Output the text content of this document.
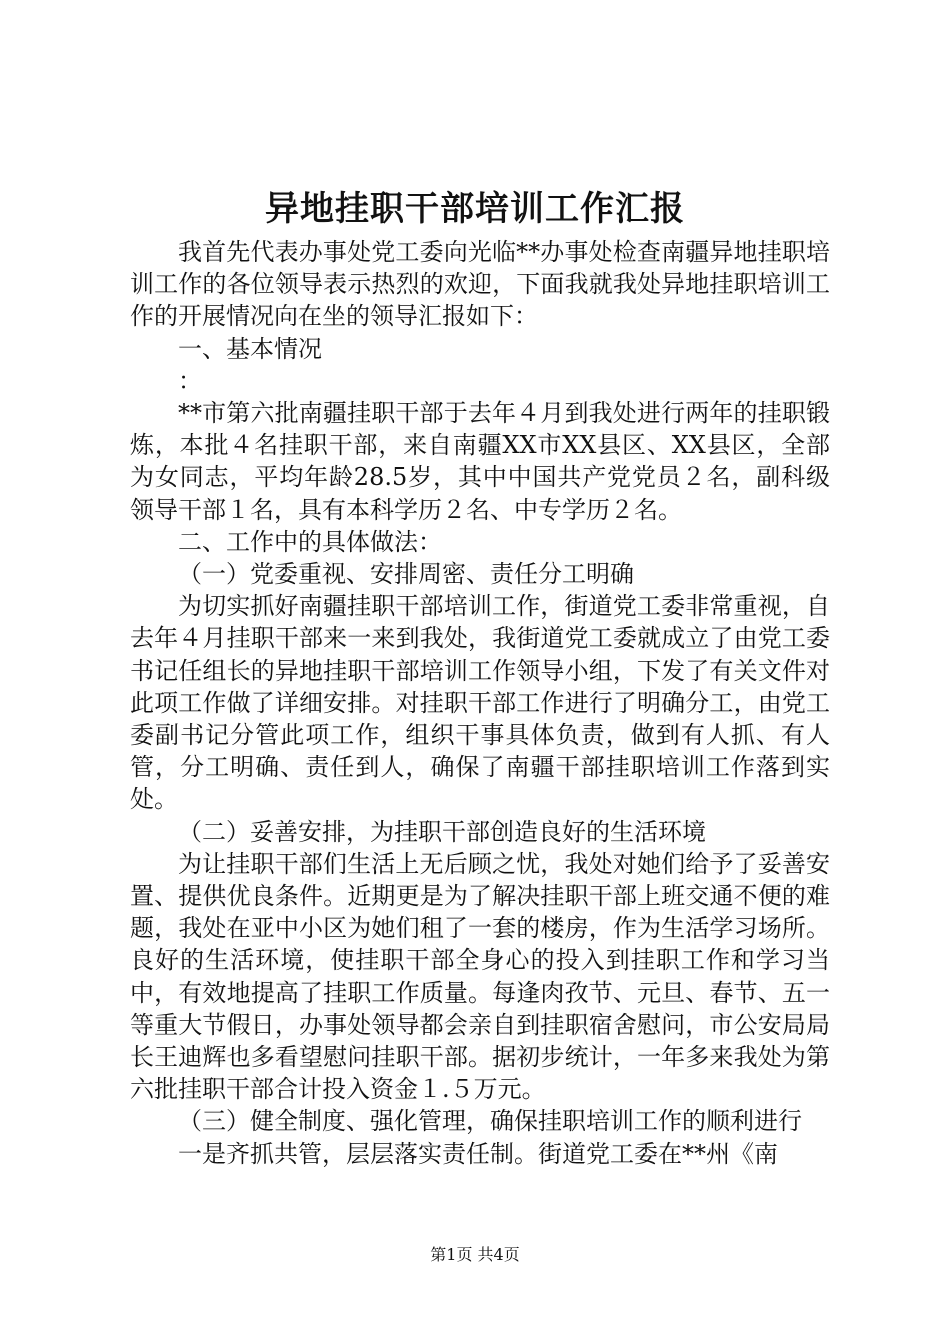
异地挂职干部培训工作汇报

我首先代表办事处党工委向光临**办事处检查南疆异地挂职培训工作的各位领导表示热烈的欢迎，下面我就我处异地挂职培训工作的开展情况向在坐的领导汇报如下：

一、基本情况

：

**市第六批南疆挂职干部于去年４月到我处进行两年的挂职锻炼，本批４名挂职干部，来自南疆XX市XX县区、XX县区，全部为女同志，平均年龄28.5岁，其中中国共产党党员２名，副科级领导干部１名，具有本科学历２名、中专学历２名。

二、工作中的具体做法：

（一）党委重视、安排周密、责任分工明确

为切实抓好南疆挂职干部培训工作，街道党工委非常重视，自去年４月挂职干部来一来到我处，我街道党工委就成立了由党工委书记任组长的异地挂职干部培训工作领导小组，下发了有关文件对此项工作做了详细安排。对挂职干部工作进行了明确分工，由党工委副书记分管此项工作，组织干事具体负责，做到有人抓、有人管，分工明确、责任到人，确保了南疆干部挂职培训工作落到实处。

（二）妥善安排，为挂职干部创造良好的生活环境

为让挂职干部们生活上无后顾之忧，我处对她们给予了妥善安置、提供优良条件。近期更是为了解决挂职干部上班交通不便的难题，我处在亚中小区为她们租了一套的楼房，作为生活学习场所。良好的生活环境，使挂职干部全身心的投入到挂职工作和学习当中，有效地提高了挂职工作质量。每逢肉孜节、元旦、春节、五一等重大节假日，办事处领导都会亲自到挂职宿舍慰问，市公安局局长王迪辉也多看望慰问挂职干部。据初步统计，一年多来我处为第六批挂职干部合计投入资金１.５万元。

（三）健全制度、强化管理，确保挂职培训工作的顺利进行

一是齐抓共管，层层落实责任制。街道党工委在**州《南

第1页 共4页
